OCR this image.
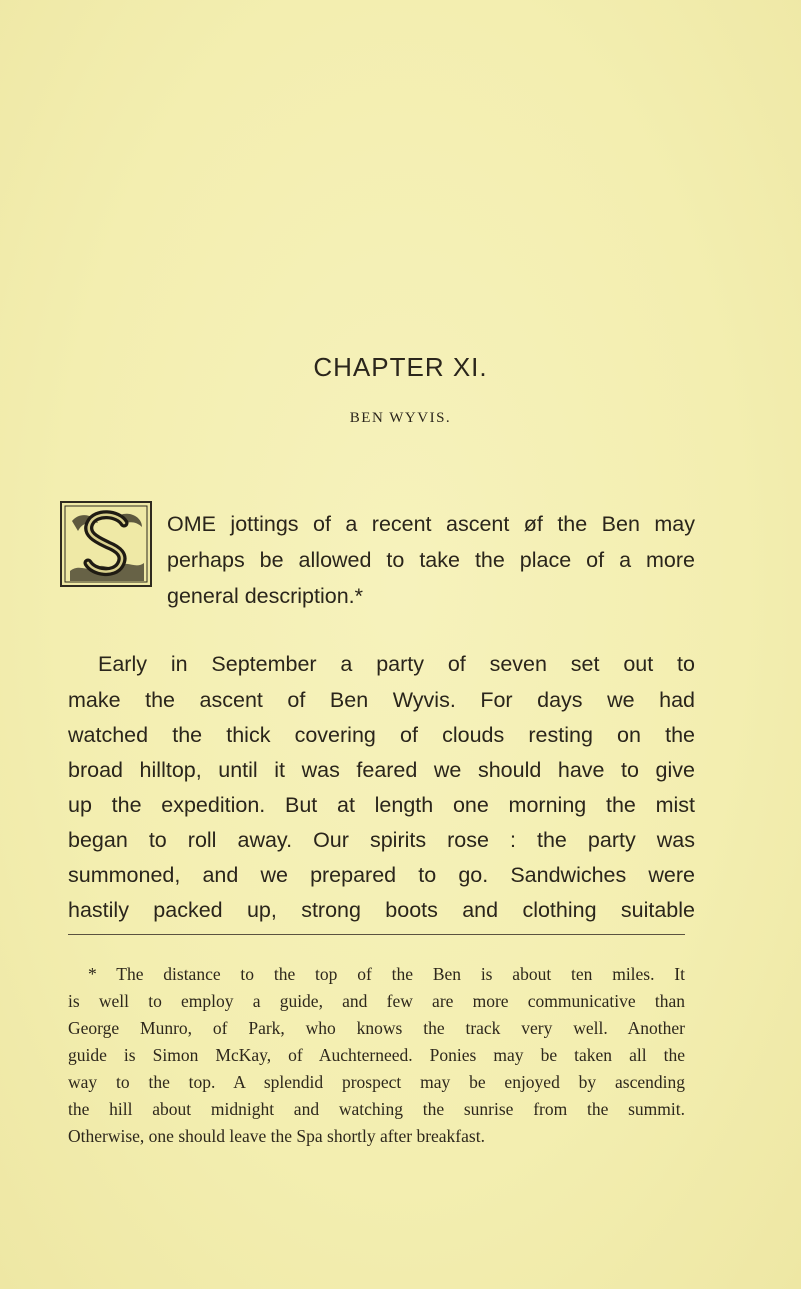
CHAPTER XI.
BEN WYVIS.
OME jottings of a recent ascent øf the Ben may
perhaps be allowed to take the place of a more
general description.*
Early in September a party of seven set out to
make the ascent of Ben Wyvis. For days we had
watched the thick covering of clouds resting on the
broad hilltop, until it was feared we should have to give
up the expedition. But at length one morning the mist
began to roll away. Our spirits rose : the party was
summoned, and we prepared to go. Sandwiches were
hastily packed up, strong boots and clothing suitable
* The distance to the top of the Ben is about ten miles. It
is well to employ a guide, and few are more communicative than
George Munro, of Park, who knows the track very well. Another
guide is Simon McKay, of Auchterneed. Ponies may be taken all the
way to the top. A splendid prospect may be enjoyed by ascending
the hill about midnight and watching the sunrise from the summit.
Otherwise, one should leave the Spa shortly after breakfast.
